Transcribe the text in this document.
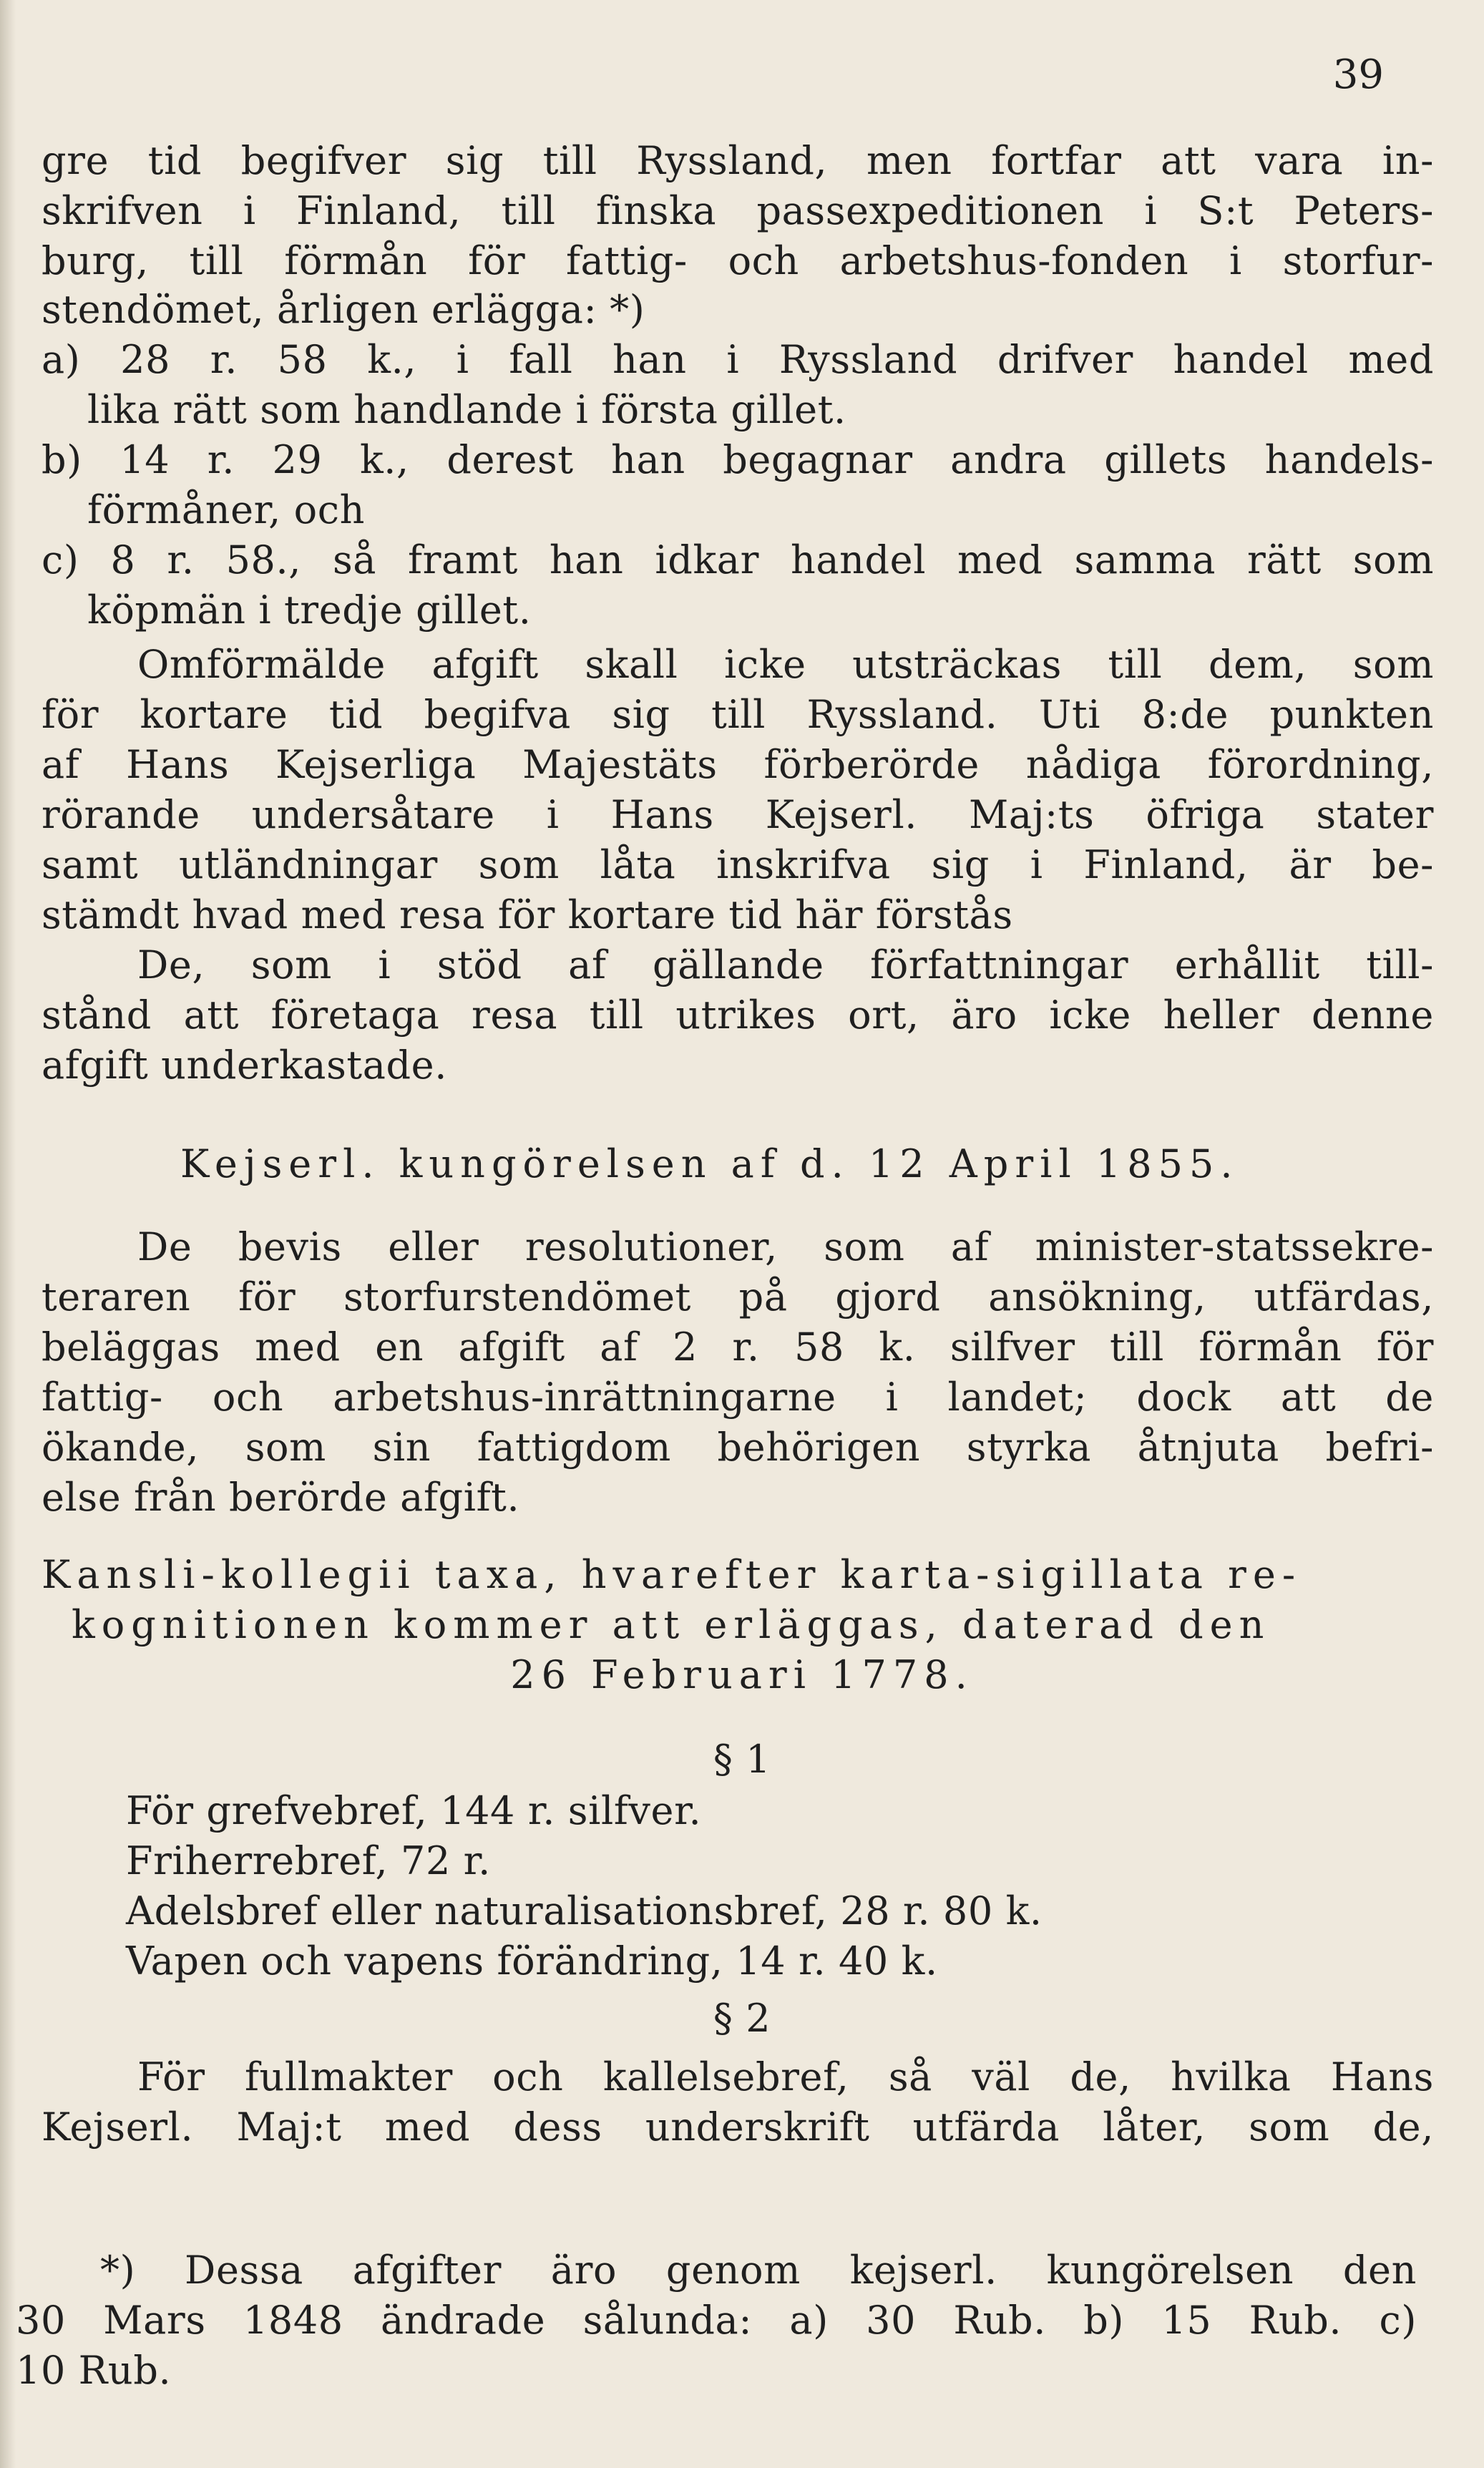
39
gre tid begifver sig till Ryssland, men fortfar att vara in-
skrifven i Finland, till finska passexpeditionen i S:t Peters-
burg, till förmån för fattig- och arbetshus-fonden i storfur-
stendömet, årligen erlägga: *)
a) 28 r. 58 k., i fall han i Ryssland drifver handel med
lika rätt som handlande i första gillet.
b) 14 r. 29 k., derest han begagnar andra gillets handels-
förmåner, och
c) 8 r. 58., så framt han idkar handel med samma rätt som
köpmän i tredje gillet.
Omförmälde afgift skall icke utsträckas till dem, som
för kortare tid begifva sig till Ryssland. Uti 8:de punkten
af Hans Kejserliga Majestäts förberörde nådiga förordning,
rörande undersåtare i Hans Kejserl. Maj:ts öfriga stater
samt utländningar som låta inskrifva sig i Finland, är be-
stämdt hvad med resa för kortare tid här förstås
De, som i stöd af gällande författningar erhållit till-
stånd att företaga resa till utrikes ort, äro icke heller denne
afgift underkastade.
Kejserl. kungörelsen af d. 12 April 1855.
De bevis eller resolutioner, som af minister-statssekre-
teraren för storfurstendömet på gjord ansökning, utfärdas,
beläggas med en afgift af 2 r. 58 k. silfver till förmån för
fattig- och arbetshus-inrättningarne i landet; dock att de
ökande, som sin fattigdom behörigen styrka åtnjuta befri-
else från berörde afgift.
Kansli-kollegii taxa, hvarefter karta-sigillata re-
kognitionen kommer att erläggas, daterad den
26 Februari 1778.
§ 1
För grefvebref, 144 r. silfver.
Friherrebref, 72 r.
Adelsbref eller naturalisationsbref, 28 r. 80 k.
Vapen och vapens förändring, 14 r. 40 k.
§ 2
För fullmakter och kallelsebref, så väl de, hvilka Hans
Kejserl. Maj:t med dess underskrift utfärda låter, som de,
*) Dessa afgifter äro genom kejserl. kungörelsen den
30 Mars 1848 ändrade sålunda: a) 30 Rub. b) 15 Rub. c)
10 Rub.
